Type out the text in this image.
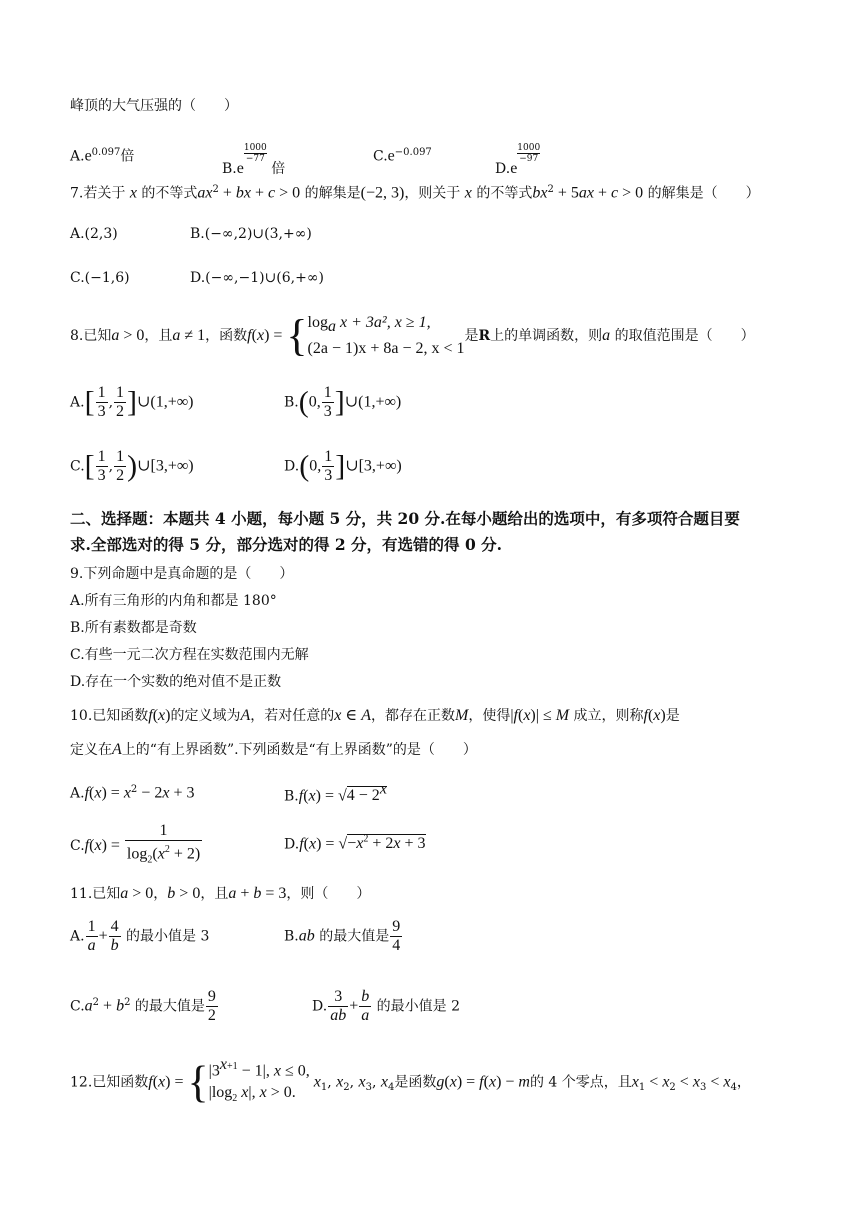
峰顶的大气压强的（　　）
$A.e^{0.097}$倍
B.e
$\frac{1000}{-77}$
倍
$C.e^{-0.097}$
D.e
$\frac{1000}{-97}$
7.若关于 x 的不等式$ax^2$ + bx + c > 0 的解集是(−2, 3)，则关于 x 的不等式$bx^2 + 5ax + c > 0$ 的解集是（　　）
A.(2,3)	B.(−∞,2)∪(3,+∞)
C.(−1,6)	D.(−∞,−1)∪(6,+∞)
8.已知a > 0，且a ≠ 1，函数f(x) = { $\log_a x + 3a^2$, x ≥ 1,
(2a − 1)x + 8a − 2, x < 1
是R上的单调函数，则a 的取值范围是（　　）
$A.[ \frac{1}{3}$ , $\frac{1}{2}$ ]∪(1,+∞)	B.(0, $\frac{1}{3}$ ]∪(1,+∞)
$C.[ \frac{1}{3}$ , $\frac{1}{2}$ )∪[3,+∞)	D.(0, $\frac{1}{3}$ ]∪[3,+∞)
二、选择题：本题共 4 小题，每小题 5 分，共 20 分.在每小题给出的选项中，有多项符合题目要
求.全部选对的得 5 分，部分选对的得 2 分，有选错的得 0 分.
9.下列命题中是真命题的是（　　）
A.所有三角形的内角和都是 180°
B.所有素数都是奇数
C.有些一元二次方程在实数范围内无解
D.存在一个实数的绝对值不是正数
10.已知函数f(x)的定义域为A，若对任意的x ∈ A，都存在正数M，使得|f(x)| ≤ M 成立，则称f(x)是
定义在A上的“有上界函数”.下列函数是“有上界函数”的是（　　）
$A.f(x) = x^2 - 2x + 3$	$B.f(x) = √4 - 2^x$
$C.f(x) = \frac{1}{\log_2(x^2 + 2)}$	$D.f(x) = √-x^2 + 2x + 3$
11.已知a > 0，b > 0，且a + b = 3，则（　　）
A. $\frac{1}{a} + \frac{4}{b}$ 的最小值是 3	B.ab 的最大值是 $\frac{9}{4}$
$C.a^2 + b^2$ 的最大值是 $\frac{9}{2}$	D. $\frac{3}{ab} + \frac{b}{a}$ 的最小值是 2
12.已知函数f(x) = { $|3^{x+1} - 1|$, x ≤ 0,
$|\log_2$ x|, x > 0.
$x_1$, $x_2$, $x_3$, $x_4$是函数g(x) = f(x) − m的 4 个零点，且$x_1 < x_2 < x_3 < x_4$，
